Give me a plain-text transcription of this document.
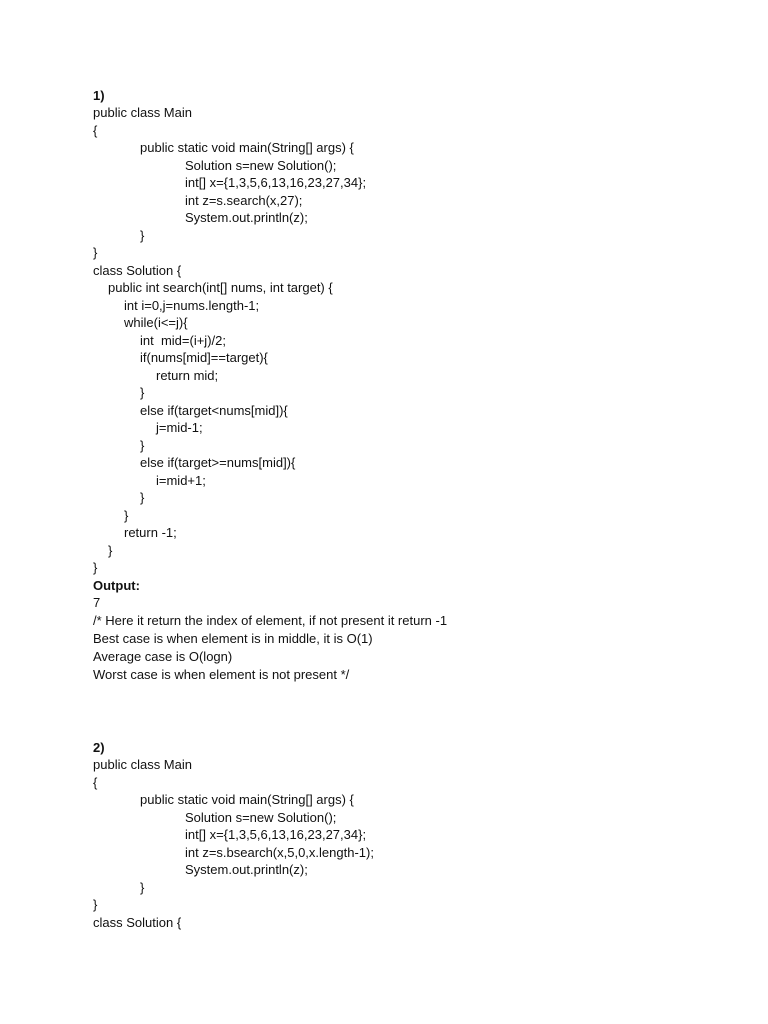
1)
public class Main
{
public static void main(String[] args) {
Solution s=new Solution();
int[] x={1,3,5,6,13,16,23,27,34};
int z=s.search(x,27);
System.out.println(z);
}
}
class Solution {
public int search(int[] nums, int target) {
int i=0,j=nums.length-1;
while(i<=j){
int  mid=(i+j)/2;
if(nums[mid]==target){
return mid;
}
else if(target<nums[mid]){
j=mid-1;
}
else if(target>=nums[mid]){
i=mid+1;
}
}
return -1;
}
}
Output:
7
/* Here it return the index of element, if not present it return -1
Best case is when element is in middle, it is O(1)
Average case is O(logn)
Worst case is when element is not present */
2)
public class Main
{
public static void main(String[] args) {
Solution s=new Solution();
int[] x={1,3,5,6,13,16,23,27,34};
int z=s.bsearch(x,5,0,x.length-1);
System.out.println(z);
}
}
class Solution {
